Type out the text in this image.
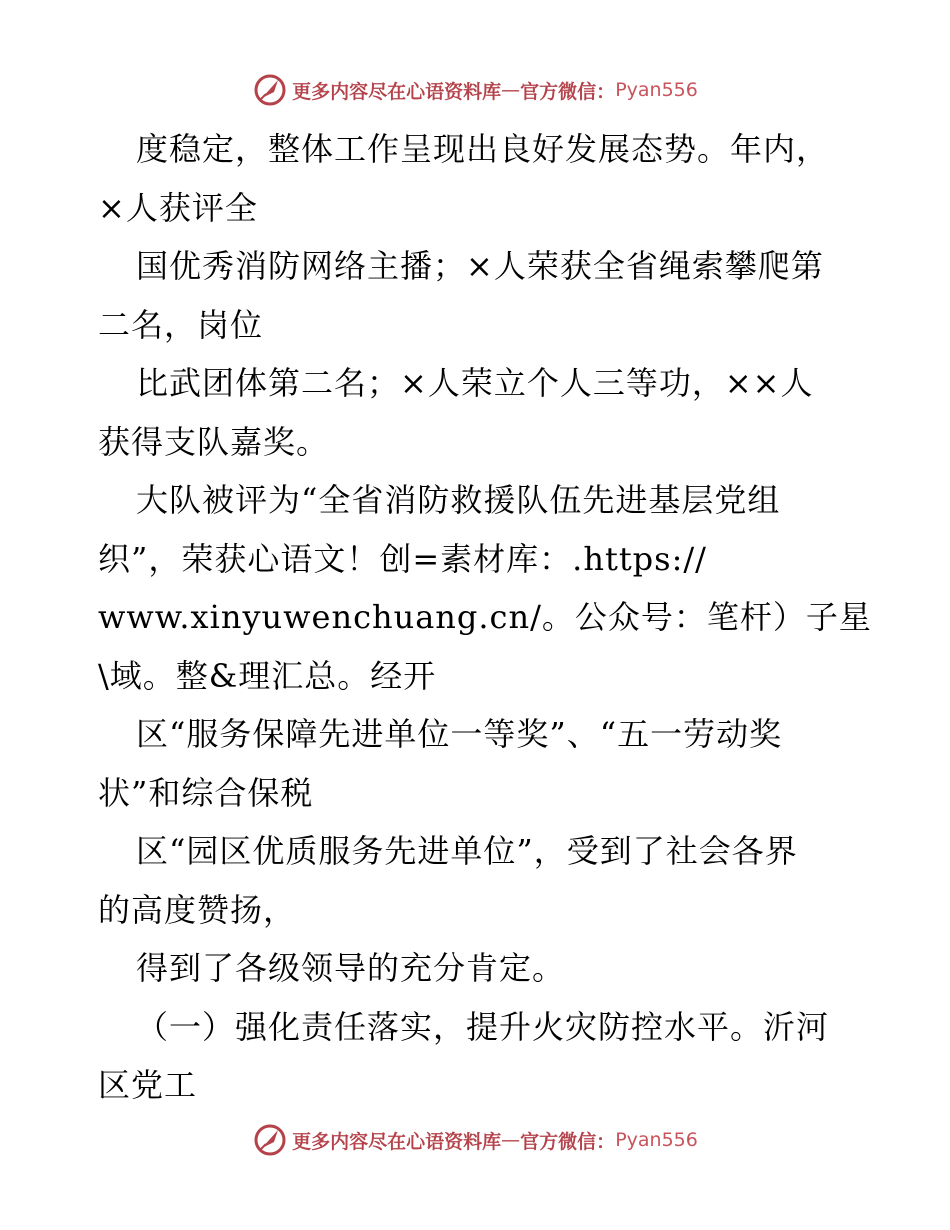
更多内容尽在心语资料库 — 官方微信： Pyan556
度稳定，整体工作呈现出良好发展态势。年内，
×人获评全
国优秀消防网络主播；×人荣获全省绳索攀爬第
二名，岗位
比武团体第二名；×人荣立个人三等功，××人
获得支队嘉奖。
大队被评为“全省消防救援队伍先进基层党组
织”，荣获心语文！创=素材库：.https://
www.xinyuwenchuang.cn/。公众号：笔杆）子星
\域。整&理汇总。经开
区“服务保障先进单位一等奖”、“五一劳动奖
状”和综合保税
区“园区优质服务先进单位”，受到了社会各界
的高度赞扬，
得到了各级领导的充分肯定。
（一）强化责任落实，提升火灾防控水平。沂河
区党工
更多内容尽在心语资料库 — 官方微信： Pyan556
